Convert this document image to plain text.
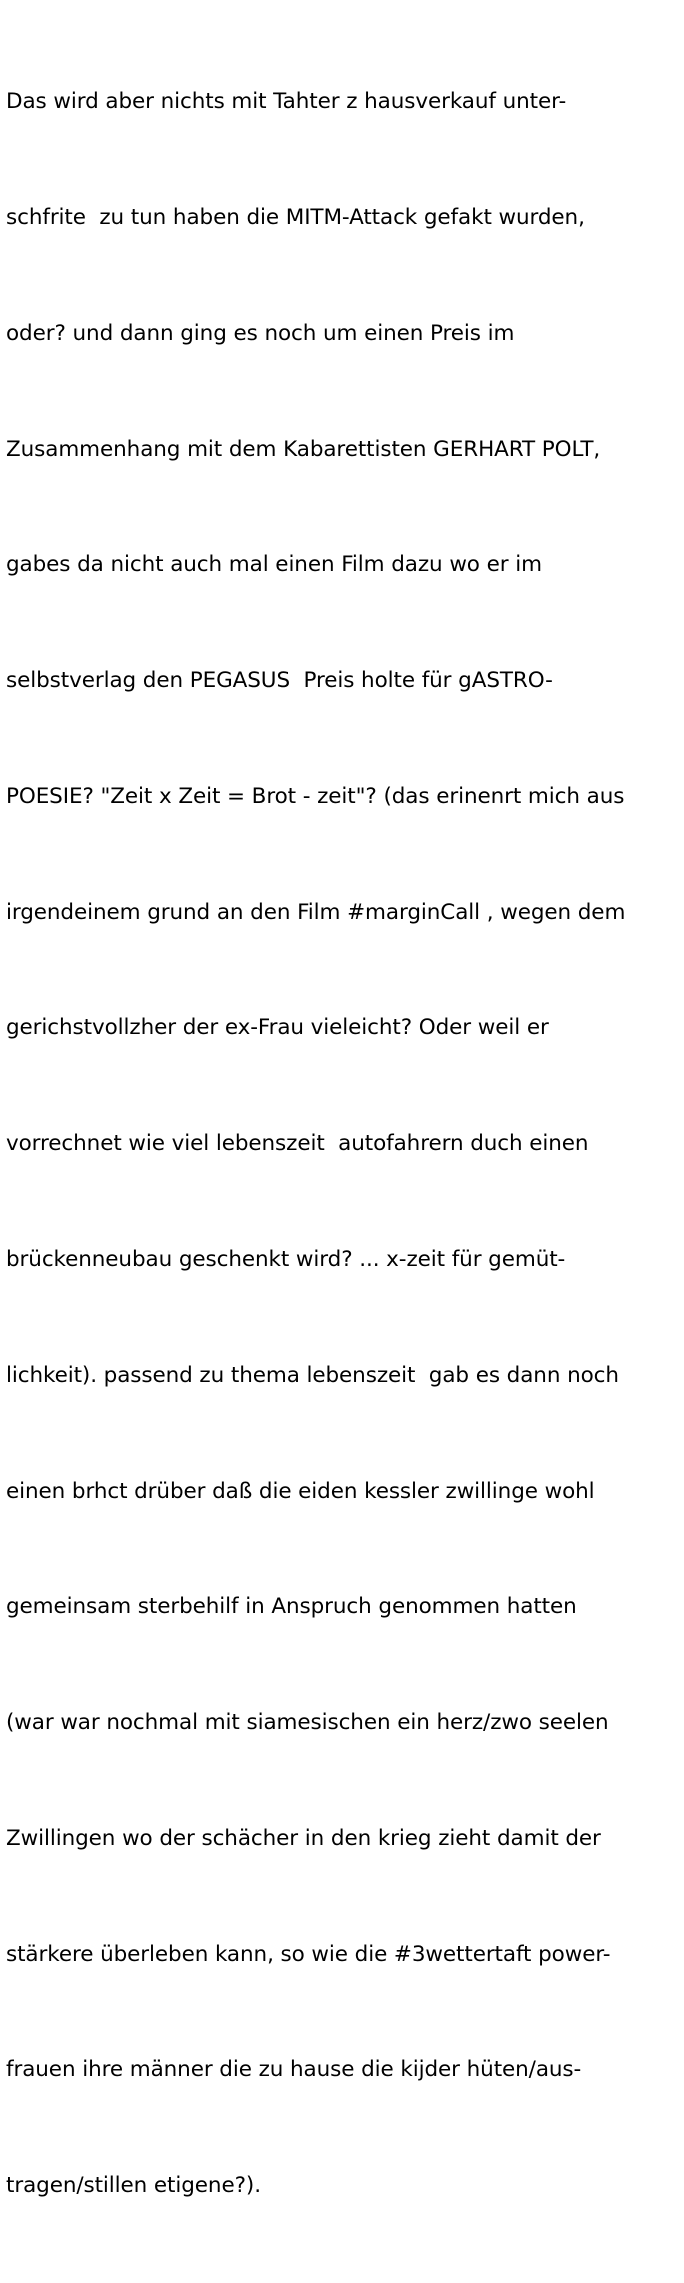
Das wird aber nichts mit Tahter z hausverkauf unter-

schfrite  zu tun haben die MITM-Attack gefakt wurden,

oder? und dann ging es noch um einen Preis im

Zusammenhang mit dem Kabarettisten GERHART POLT,

gabes da nicht auch mal einen Film dazu wo er im

selbstverlag den PEGASUS  Preis holte für gASTRO-

POESIE? "Zeit x Zeit = Brot - zeit"? (das erinenrt mich aus

irgendeinem grund an den Film #marginCall , wegen dem

gerichstvollzher der ex-Frau vieleicht? Oder weil er

vorrechnet wie viel lebenszeit  autofahrern duch einen

brückenneubau geschenkt wird? ... x-zeit für gemüt-

lichkeit). passend zu thema lebenszeit  gab es dann noch

einen brhct drüber daß die eiden kessler zwillinge wohl

gemeinsam sterbehilf in Anspruch genommen hatten

(war war nochmal mit siamesischen ein herz/zwo seelen

Zwillingen wo der schächer in den krieg zieht damit der

stärkere überleben kann, so wie die #3wettertaft power-

frauen ihre männer die zu hause die kijder hüten/aus-

tragen/stillen etigene?).
